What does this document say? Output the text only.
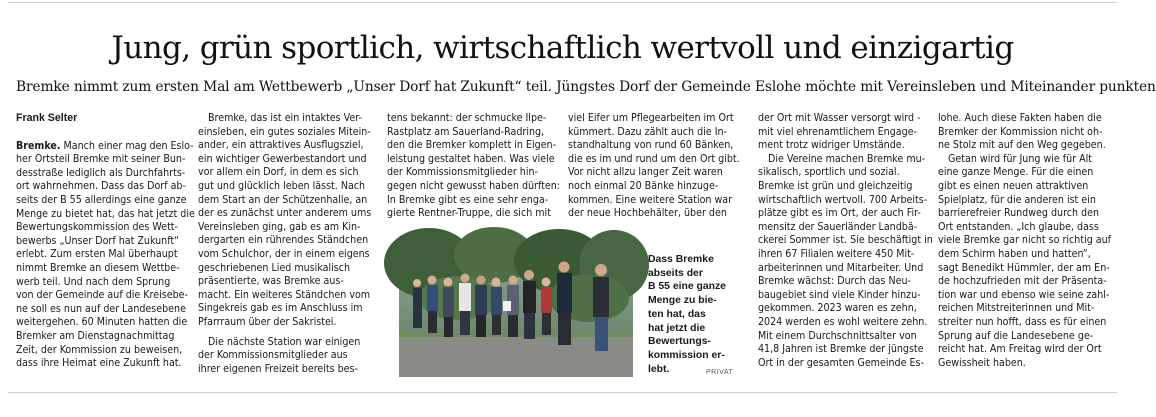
Jung, grün sportlich, wirtschaftlich wertvoll und einzigartig
Bremke nimmt zum ersten Mal am Wettbewerb „Unser Dorf hat Zukunft“ teil. Jüngstes Dorf der Gemeinde Eslohe möchte mit Vereinsleben und Miteinander punkten
Frank Selter
Bremke. Manch einer mag den Eslo-
her Ortsteil Bremke mit seiner Bun-
desstraße lediglich als Durchfahrts-
ort wahrnehmen. Dass das Dorf ab-
seits der B 55 allerdings eine ganze
Menge zu bietet hat, das hat jetzt die
Bewertungskommission des Wett-
bewerbs „Unser Dorf hat Zukunft“
erlebt. Zum ersten Mal überhaupt
nimmt Bremke an diesem Wettbe-
werb teil. Und nach dem Sprung
von der Gemeinde auf die Kreisebe-
ne soll es nun auf der Landesebene
weitergehen. 60 Minuten hatten die
Bremker am Dienstagnachmittag
Zeit, der Kommission zu beweisen,
dass ihre Heimat eine Zukunft hat.
Bremke, das ist ein intaktes Ver-
einsleben, ein gutes soziales Mitein-
ander, ein attraktives Ausflugsziel,
ein wichtiger Gewerbestandort und
vor allem ein Dorf, in dem es sich
gut und glücklich leben lässt. Nach
dem Start an der Schützenhalle, an
der es zunächst unter anderem ums
Vereinsleben ging, gab es am Kin-
dergarten ein rührendes Ständchen
vom Schulchor, der in einem eigens
geschriebenen Lied musikalisch
präsentierte, was Bremke aus-
macht. Ein weiteres Ständchen vom
Singekreis gab es im Anschluss im
Pfarrraum über der Sakristei.
Die nächste Station war einigen
der Kommissionsmitglieder aus
ihrer eigenen Freizeit bereits bes-
tens bekannt: der schmucke Ilpe-
Rastplatz am Sauerland-Radring,
den die Bremker komplett in Eigen-
leistung gestaltet haben. Was viele
der Kommissionsmitglieder hin-
gegen nicht gewusst haben dürften:
In Bremke gibt es eine sehr enga-
gierte Rentner-Truppe, die sich mit
viel Eifer um Pflegearbeiten im Ort
kümmert. Dazu zählt auch die In-
standhaltung von rund 60 Bänken,
die es im und rund um den Ort gibt.
Vor nicht allzu langer Zeit waren
noch einmal 20 Bänke hinzuge-
kommen. Eine weitere Station war
der neue Hochbehälter, über den
Dass Bremke
abseits der
B 55 eine ganze
Menge zu bie-
ten hat, das
hat jetzt die
Bewertungs-
kommission er-
lebt.	PRIVAT
der Ort mit Wasser versorgt wird -
mit viel ehrenamtlichem Engage-
ment trotz widriger Umstände.
Die Vereine machen Bremke mu-
sikalisch, sportlich und sozial.
Bremke ist grün und gleichzeitig
wirtschaftlich wertvoll. 700 Arbeits-
plätze gibt es im Ort, der auch Fir-
mensitz der Sauerländer Landbä-
ckerei Sommer ist. Sie beschäftigt in
ihren 67 Filialen weitere 450 Mit-
arbeiterinnen und Mitarbeiter. Und
Bremke wächst: Durch das Neu-
baugebiet sind viele Kinder hinzu-
gekommen. 2023 waren es zehn,
2024 werden es wohl weitere zehn.
Mit einem Durchschnittsalter von
41,8 Jahren ist Bremke der jüngste
Ort in der gesamten Gemeinde Es-
lohe. Auch diese Fakten haben die
Bremker der Kommission nicht oh-
ne Stolz mit auf den Weg gegeben.
Getan wird für Jung wie für Alt
eine ganze Menge. Für die einen
gibt es einen neuen attraktiven
Spielplatz, für die anderen ist ein
barrierefreier Rundweg durch den
Ort entstanden. „Ich glaube, dass
viele Bremke gar nicht so richtig auf
dem Schirm haben und hatten“,
sagt Benedikt Hümmler, der am En-
de hochzufrieden mit der Präsenta-
tion war und ebenso wie seine zahl-
reichen Mitstreiterinnen und Mit-
streiter nun hofft, dass es für einen
Sprung auf die Landesebene ge-
reicht hat. Am Freitag wird der Ort
Gewissheit haben.
